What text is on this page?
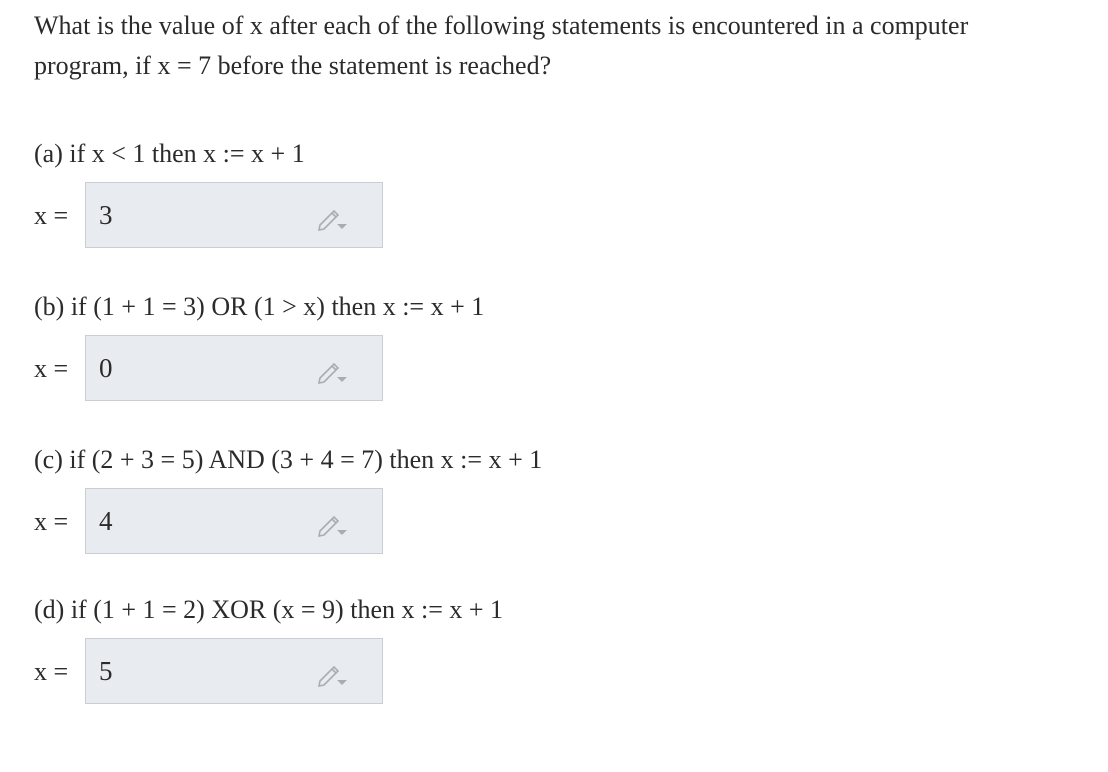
What is the value of x after each of the following statements is encountered in a computer
program, if x = 7 before the statement is reached?
(a) if x < 1 then x := x + 1
x = 3
(b) if (1 + 1 = 3) OR (1 > x) then x := x + 1
x = 0
(c) if (2 + 3 = 5) AND (3 + 4 = 7) then x := x + 1
x = 4
(d) if (1 + 1 = 2) XOR (x = 9) then x := x + 1
x = 5
